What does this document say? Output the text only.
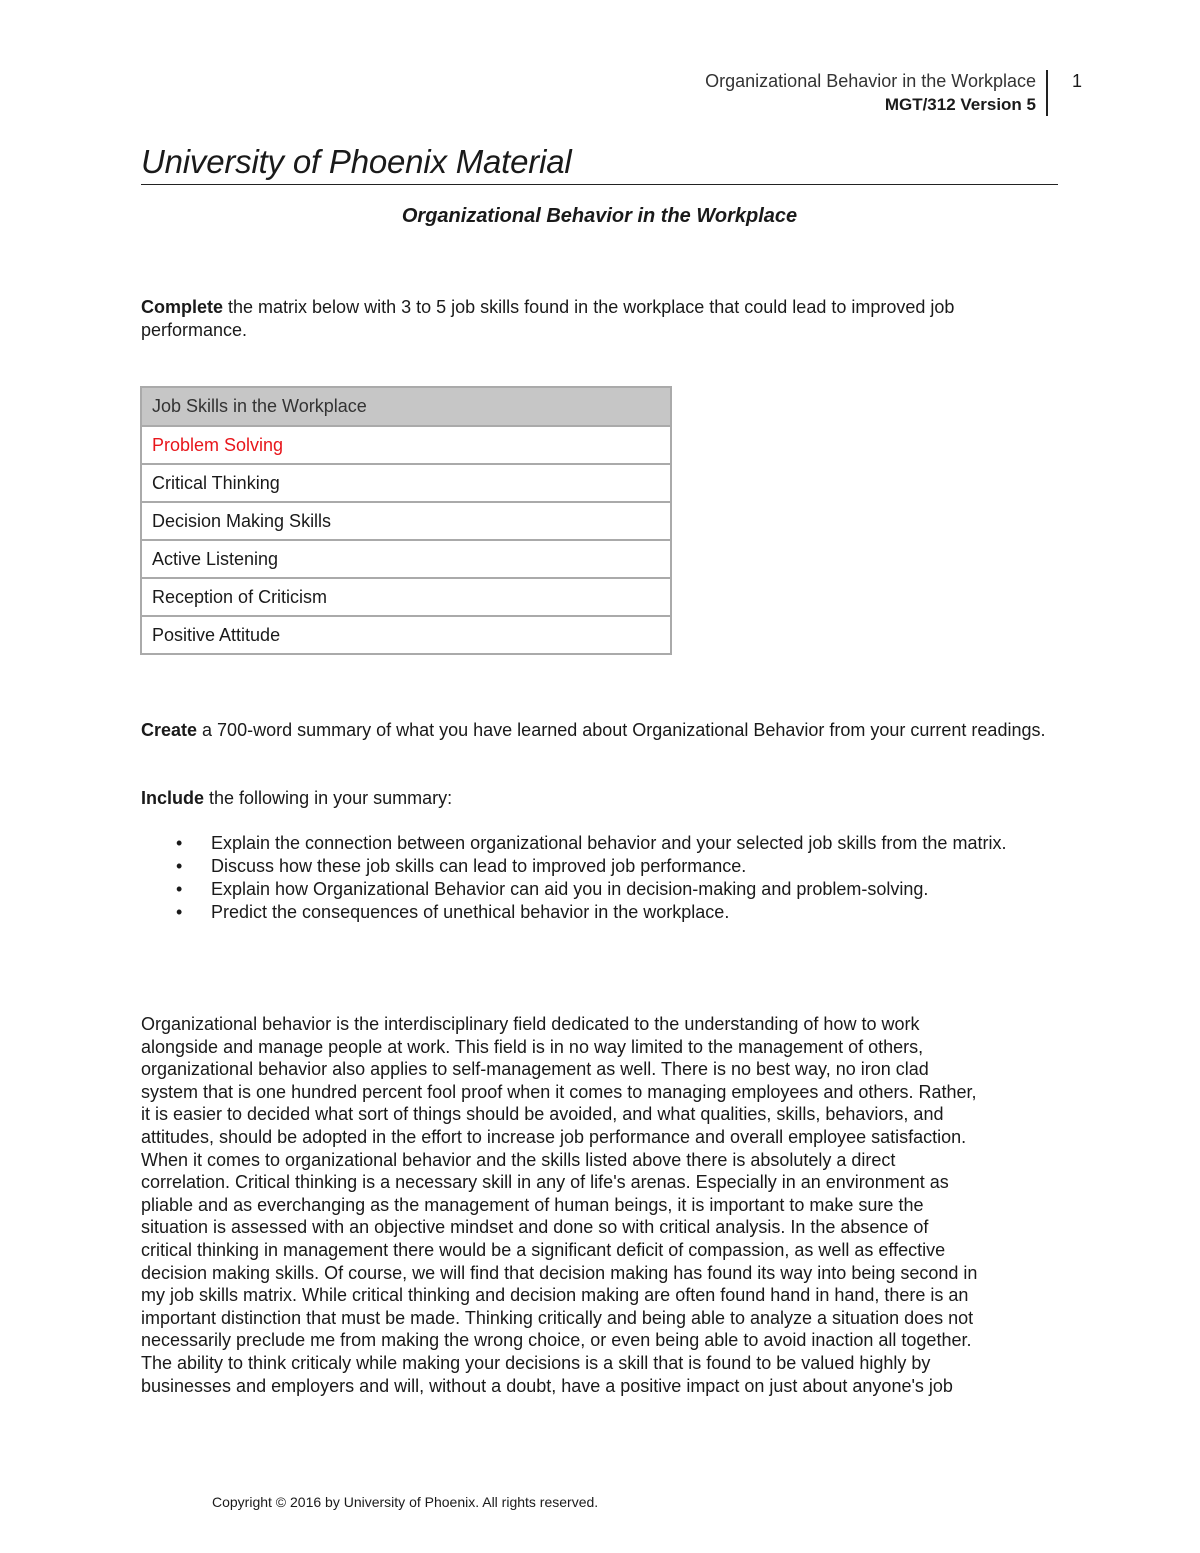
Organizational Behavior in the Workplace
MGT/312 Version 5
1
University of Phoenix Material
Organizational Behavior in the Workplace
Complete the matrix below with 3 to 5 job skills found in the workplace that could lead to improved job performance.
Job Skills in the Workplace
Problem Solving
Critical Thinking
Decision Making Skills
Active Listening
Reception of Criticism
Positive Attitude
Create a 700-word summary of what you have learned about Organizational Behavior from your current readings.
Include the following in your summary:
• Explain the connection between organizational behavior and your selected job skills from the matrix.
• Discuss how these job skills can lead to improved job performance.
• Explain how Organizational Behavior can aid you in decision-making and problem-solving.
• Predict the consequences of unethical behavior in the workplace.
Organizational behavior is the interdisciplinary field dedicated to the understanding of how to work
alongside and manage people at work. This field is in no way limited to the management of others,
organizational behavior also applies to self-management as well. There is no best way, no iron clad
system that is one hundred percent fool proof when it comes to managing employees and others. Rather,
it is easier to decided what sort of things should be avoided, and what qualities, skills, behaviors, and
attitudes, should be adopted in the effort to increase job performance and overall employee satisfaction.
When it comes to organizational behavior and the skills listed above there is absolutely a direct
correlation. Critical thinking is a necessary skill in any of life's arenas. Especially in an environment as
pliable and as everchanging as the management of human beings, it is important to make sure the
situation is assessed with an objective mindset and done so with critical analysis. In the absence of
critical thinking in management there would be a significant deficit of compassion, as well as effective
decision making skills. Of course, we will find that decision making has found its way into being second in
my job skills matrix. While critical thinking and decision making are often found hand in hand, there is an
important distinction that must be made. Thinking critically and being able to analyze a situation does not
necessarily preclude me from making the wrong choice, or even being able to avoid inaction all together.
The ability to think criticaly while making your decisions is a skill that is found to be valued highly by
businesses and employers and will, without a doubt, have a positive impact on just about anyone's job
Copyright © 2016 by University of Phoenix. All rights reserved.
